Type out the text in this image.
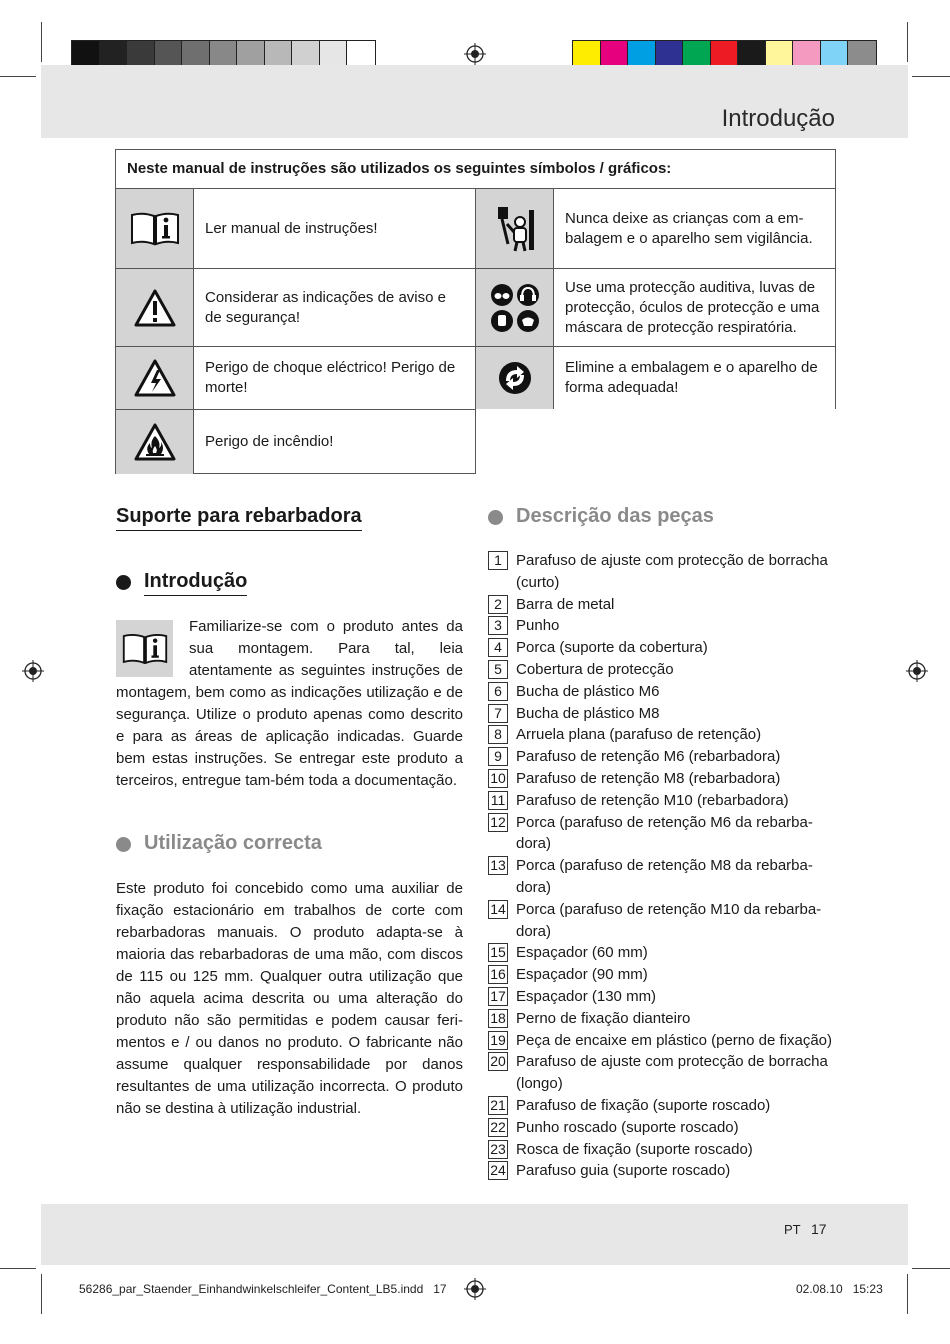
Introdução
Neste manual de instruções são utilizados os seguintes símbolos / gráficos:
Ler manual de instruções!
Nunca deixe as crianças com a em-balagem e o aparelho sem vigilância.
Considerar as indicações de aviso e de segurança!
Use uma protecção auditiva, luvas de protecção, óculos de protecção e uma máscara de protecção respiratória.
Perigo de choque eléctrico! Perigo de morte!
Elimine a embalagem e o aparelho de forma adequada!
Perigo de incêndio!
Suporte para rebarbadora
Introdução
Familiarize-se com o produto antes da sua montagem. Para tal, leia atentamente as seguintes instruções de montagem, bem como as indicações utilização e de segurança. Utilize o produto apenas como descrito e para as áreas de aplicação indicadas. Guarde bem estas instruções. Se entregar este produto a terceiros, entregue tam-bém toda a documentação.
Utilização correcta
Este produto foi concebido como uma auxiliar de fixação estacionário em trabalhos de corte com rebarbadoras manuais. O produto adapta-se à maioria das rebarbadoras de uma mão, com discos de 115 ou 125 mm. Qualquer outra utilização que não aquela acima descrita ou uma alteração do produto não são permitidas e podem causar feri-mentos e / ou danos no produto. O fabricante não assume qualquer responsabilidade por danos resultantes de uma utilização incorrecta. O produto não se destina à utilização industrial.
Descrição das peças
1 Parafuso de ajuste com protecção de borracha (curto)
2 Barra de metal
3 Punho
4 Porca (suporte da cobertura)
5 Cobertura de protecção
6 Bucha de plástico M6
7 Bucha de plástico M8
8 Arruela plana (parafuso de retenção)
9 Parafuso de retenção M6 (rebarbadora)
10 Parafuso de retenção M8 (rebarbadora)
11 Parafuso de retenção M10 (rebarbadora)
12 Porca (parafuso de retenção M6 da rebarba-dora)
13 Porca (parafuso de retenção M8 da rebarba-dora)
14 Porca (parafuso de retenção M10 da rebarba-dora)
15 Espaçador (60 mm)
16 Espaçador (90 mm)
17 Espaçador (130 mm)
18 Perno de fixação dianteiro
19 Peça de encaixe em plástico (perno de fixação)
20 Parafuso de ajuste com protecção de borracha (longo)
21 Parafuso de fixação (suporte roscado)
22 Punho roscado (suporte roscado)
23 Rosca de fixação (suporte roscado)
24 Parafuso guia (suporte roscado)
PT 17
56286_par_Staender_Einhandwinkelschleifer_Content_LB5.indd   17	02.08.10   15:23
